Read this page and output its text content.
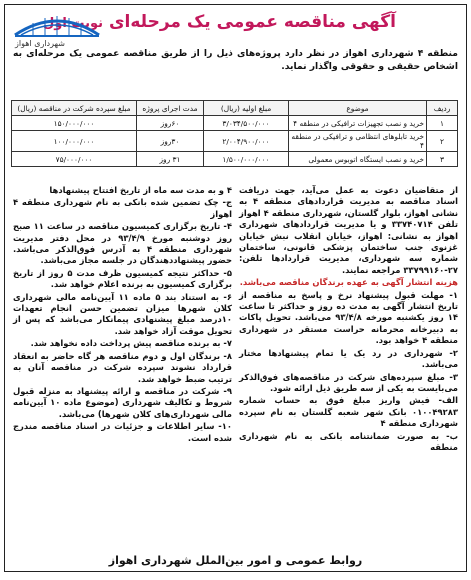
آگهی مناقصه عمومی یک مرحله‌ای نوبت اول
شهرداری اهواز
منطقه ۴ شهرداری اهواز در نظر دارد پروژه‌های ذیل را از طریق مناقصه عمومی یک مرحله‌ای به اشخاص حقیقی و حقوقی واگذار نماید.
ردیف	موضوع	مبلغ اولیه (ریال)	مدت اجرای پروژه	مبلغ سپرده شرکت در مناقصه (ریال)
۱	خرید و نصب تجهیزات ترافیکی در منطقه ۴	۳/۰۳۴/۵۰۰/۰۰۰	۶۰روز	۱۵۰/۰۰۰/۰۰۰
۲	خرید تابلوهای انتظامی و ترافیکی در منطقه ۴	۲/۰۰۴/۹۰۰/۰۰۰	۳۰روز	۱۰۰/۰۰۰/۰۰۰
۳	خرید و نصب ایستگاه اتوبوس معمولی	۱/۵۰۰/۰۰۰/۰۰۰	۳۱ روز	۷۵/۰۰۰/۰۰۰

از متقاضیان دعوت به عمل می‌آید، جهت دریافت اسناد مناقصه به مدیریت قراردادهای منطقه ۴ به نشانی اهواز، بلوار گلستان، شهرداری منطقه ۴ اهواز تلفن ۳۳۷۴۰۷۱۴ و یا مدیریت قراردادهای شهرداری اهواز به نشانی: اهواز، خیابان انقلاب نبش خیابان غزنوی جنب ساختمان پزشکی قانونی، ساختمان شماره سه شهرداری، مدیریت قراردادها تلفن: ۲۷-۳۳۷۹۹۱۶۰ مراجعه نمایند.

هزینه انتشار آگهی به عهده برندگان مناقصه می‌باشد.

۱- مهلت قبول پیشنهاد نرخ و پاسخ به مناقصه از تاریخ انتشار آگهی به مدت ده روز و حداکثر تا ساعت ۱۴ روز یکشنبه مورخه ۹۳/۴/۸ می‌باشد. تحویل پاکات به دبیرخانه محرمانه حراست مستقر در شهرداری منطقه ۴ خواهد بود.

۲- شهرداری در رد یک یا تمام پیشنهادها مختار می‌باشد.

۳- مبلغ سپرده‌های شرکت در مناقصه‌های فوق‌الذکر می‌بایست به یکی از سه طریق ذیل ارائه شود.

الف- فیش واریز مبلغ فوق به حساب شماره ۰۱۰۰۴۹۲۸۳ بانک شهر شعبه گلستان به نام سپرده شهرداری منطقه ۴

ب- به صورت ضمانتنامه بانکی به نام شهرداری منطقه

۴ و به مدت سه ماه از تاریخ افتتاح پیشنهادها

ج- چک تضمین شده بانکی به نام شهرداری منطقه ۴ اهواز

۴- تاریخ برگزاری کمیسیون مناقصه در ساعت ۱۱ صبح روز دوشنبه مورخ ۹۳/۴/۹ در محل دفتر مدیریت شهرداری منطقه ۴ به آدرس فوق‌الذکر می‌باشد. حضور پیشنهاددهندگان در جلسه مجاز می‌باشد.

۵- حداکثر نتیجه کمیسیون ظرف مدت ۵ روز از تاریخ برگزاری کمیسیون به برنده اعلام خواهد شد.

۶- به استناد بند ۵ ماده ۱۱ آیین‌نامه مالی شهرداری کلان شهرها میزان تضمین حسن انجام تعهدات ۱۰درصد مبلغ پیشنهادی پیمانکار می‌باشد که پس از تحویل موقت آزاد خواهد شد.

۷- به برنده مناقصه پیش پرداخت داده نخواهد شد.

۸- برندگان اول و دوم مناقصه هر گاه حاضر به انعقاد قرارداد نشوند سپرده شرکت در مناقصه آنان به ترتیب ضبط خواهد شد.

۹- شرکت در مناقصه و ارائه پیشنهاد به منزله قبول شروط و تکالیف شهرداری (موضوع ماده ۱۰ آیین‌نامه مالی شهرداری‌های کلان شهرها) می‌باشد.

۱۰- سایر اطلاعات و جزئیات در اسناد مناقصه مندرج شده است.

روابط عمومی و امور بین‌الملل شهرداری اهواز
